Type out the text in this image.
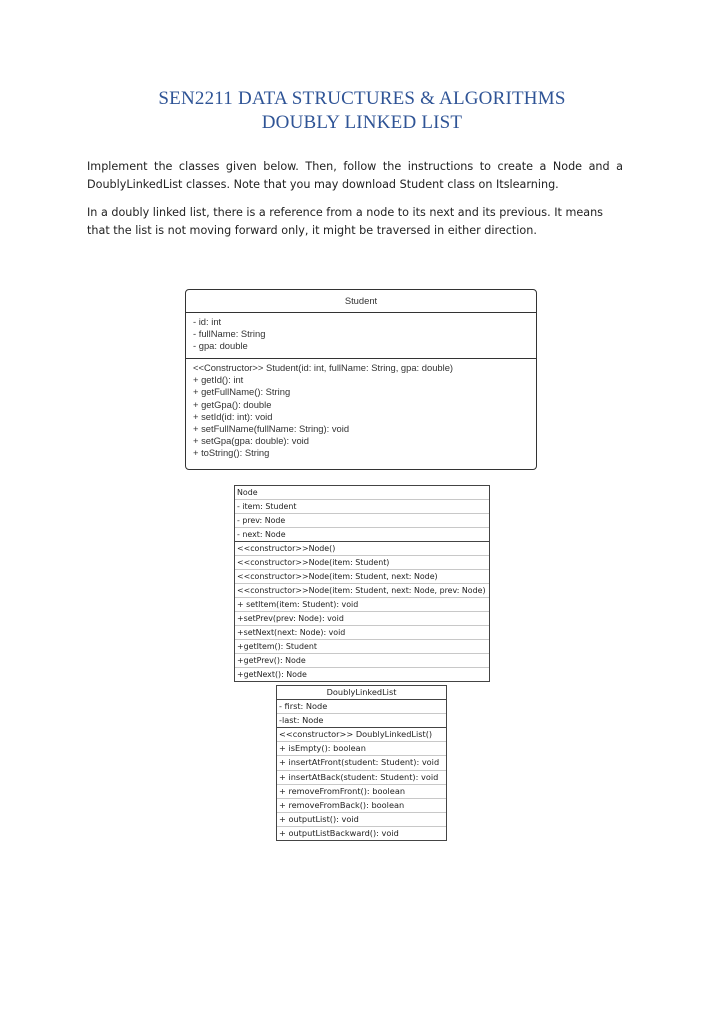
SEN2211 DATA STRUCTURES & ALGORITHMS
DOUBLY LINKED LIST
Implement the classes given below. Then, follow the instructions to create a Node and a DoublyLinkedList classes. Note that you may download Student class on Itslearning.
In a doubly linked list, there is a reference from a node to its next and its previous. It means that the list is not moving forward only, it might be traversed in either direction.
Student
- id: int
- fullName: String
- gpa: double
<<Constructor>> Student(id: int, fullName: String, gpa: double)
+ getId(): int
+ getFullName(): String
+ getGpa(): double
+ setId(id: int): void
+ setFullName(fullName: String): void
+ setGpa(gpa: double): void
+ toString(): String
Node
- item: Student
- prev: Node
- next: Node
<<constructor>>Node()
<<constructor>>Node(item: Student)
<<constructor>>Node(item: Student, next: Node)
<<constructor>>Node(item: Student, next: Node, prev: Node)
+ setItem(item: Student): void
+setPrev(prev: Node): void
+setNext(next: Node): void
+getItem(): Student
+getPrev(): Node
+getNext(): Node
DoublyLinkedList
- first: Node
-last: Node
<<constructor>> DoublyLinkedList()
+ isEmpty(): boolean
+ insertAtFront(student: Student): void
+ insertAtBack(student: Student): void
+ removeFromFront(): boolean
+ removeFromBack(): boolean
+ outputList(): void
+ outputListBackward(): void
